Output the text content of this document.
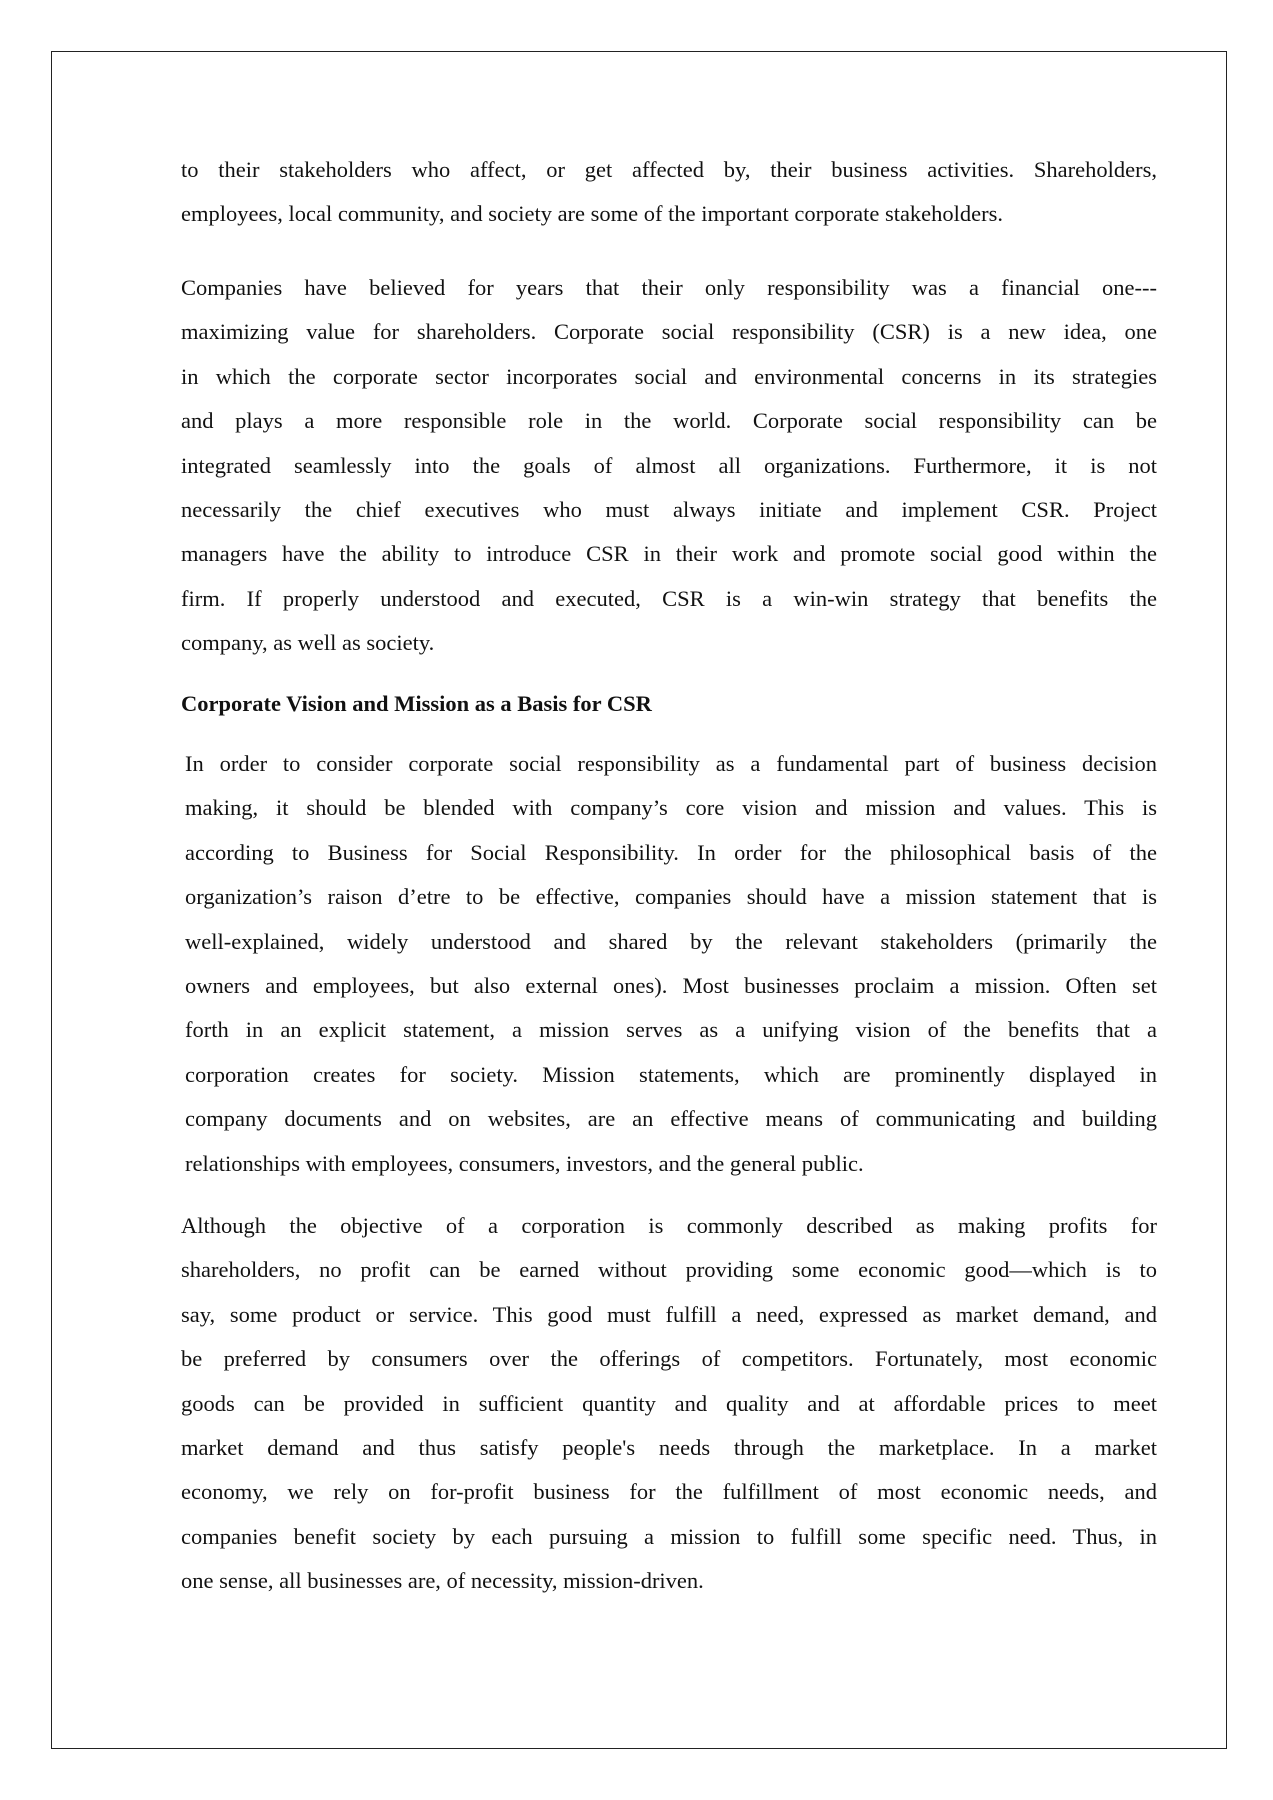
to their stakeholders who affect, or get affected by, their business activities. Shareholders,
employees, local community, and society are some of the important corporate stakeholders.
Companies have believed for years that their only responsibility was a financial one---
maximizing value for shareholders. Corporate social responsibility (CSR) is a new idea, one
in which the corporate sector incorporates social and environmental concerns in its strategies
and plays a more responsible role in the world. Corporate social responsibility can be
integrated seamlessly into the goals of almost all organizations. Furthermore, it is not
necessarily the chief executives who must always initiate and implement CSR. Project
managers have the ability to introduce CSR in their work and promote social good within the
firm. If properly understood and executed, CSR is a win-win strategy that benefits the
company, as well as society.
Corporate Vision and Mission as a Basis for CSR
In order to consider corporate social responsibility as a fundamental part of business decision
making, it should be blended with company’s core vision and mission and values. This is
according to Business for Social Responsibility. In order for the philosophical basis of the
organization’s raison d’etre to be effective, companies should have a mission statement that is
well-explained, widely understood and shared by the relevant stakeholders (primarily the
owners and employees, but also external ones). Most businesses proclaim a mission. Often set
forth in an explicit statement, a mission serves as a unifying vision of the benefits that a
corporation creates for society. Mission statements, which are prominently displayed in
company documents and on websites, are an effective means of communicating and building
relationships with employees, consumers, investors, and the general public.
Although the objective of a corporation is commonly described as making profits for
shareholders, no profit can be earned without providing some economic good—which is to
say, some product or service. This good must fulfill a need, expressed as market demand, and
be preferred by consumers over the offerings of competitors. Fortunately, most economic
goods can be provided in sufficient quantity and quality and at affordable prices to meet
market demand and thus satisfy people's needs through the marketplace. In a market
economy, we rely on for-profit business for the fulfillment of most economic needs, and
companies benefit society by each pursuing a mission to fulfill some specific need. Thus, in
one sense, all businesses are, of necessity, mission-driven.
